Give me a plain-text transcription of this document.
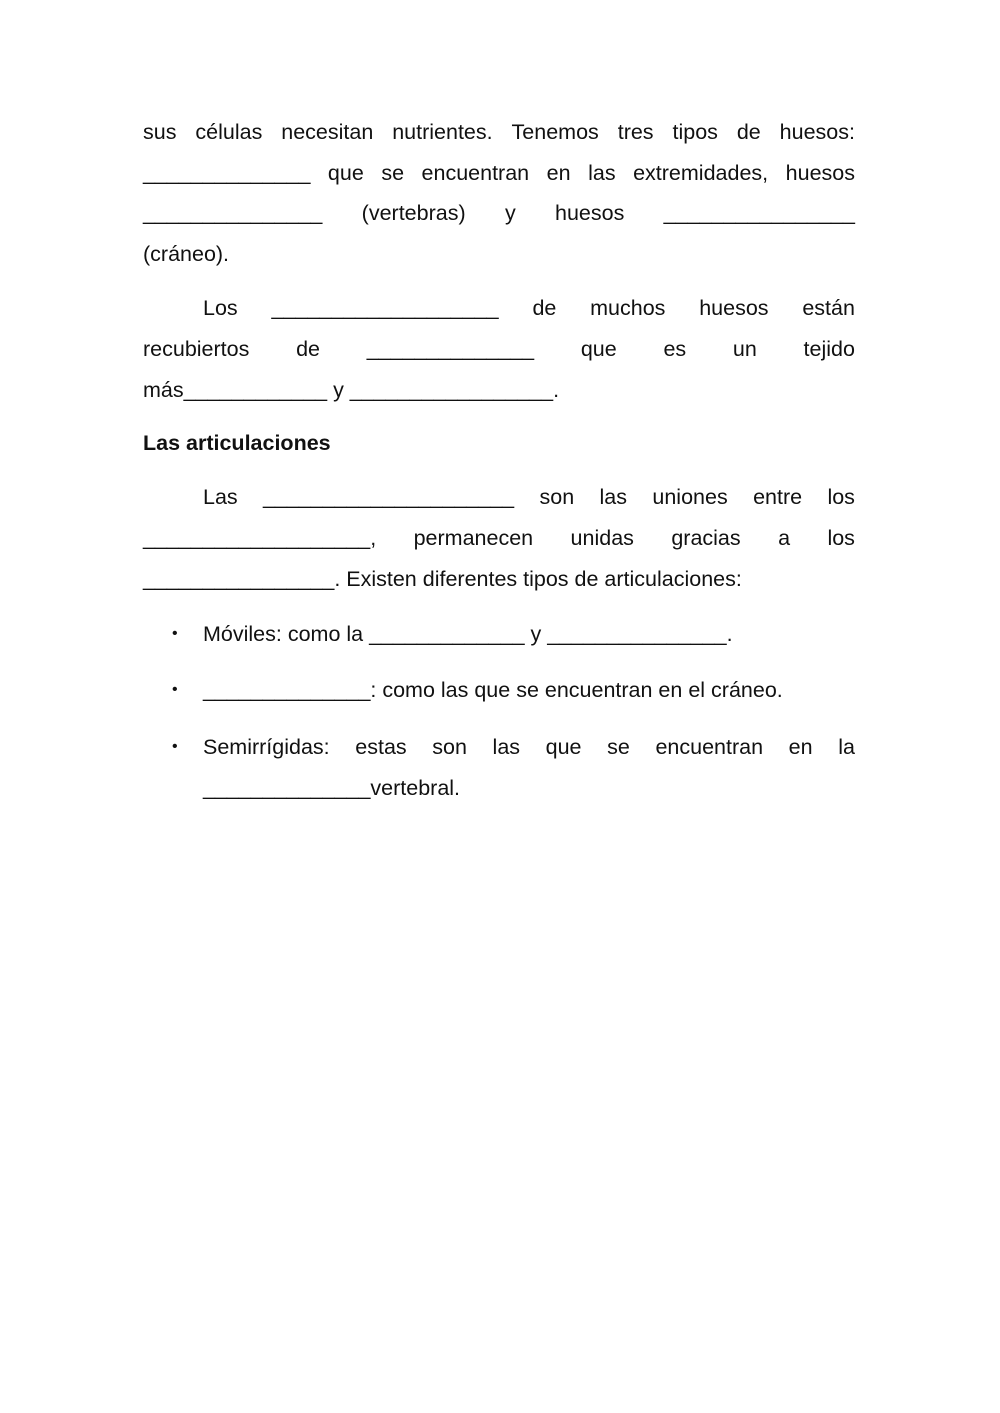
sus células necesitan nutrientes. Tenemos tres tipos de huesos:
______________ que se encuentran en las extremidades, huesos
_______________ (vertebras) y huesos ________________
(cráneo).
Los ___________________ de muchos huesos están
recubiertos de ______________ que es un tejido
más____________ y _________________.
Las articulaciones
Las _____________________ son las uniones entre los
___________________, permanecen unidas gracias a los
________________. Existen diferentes tipos de articulaciones:
• Móviles: como la _____________ y _______________.
• ______________: como las que se encuentran en el cráneo.
• Semirrígidas: estas son las que se encuentran en la
______________vertebral.
